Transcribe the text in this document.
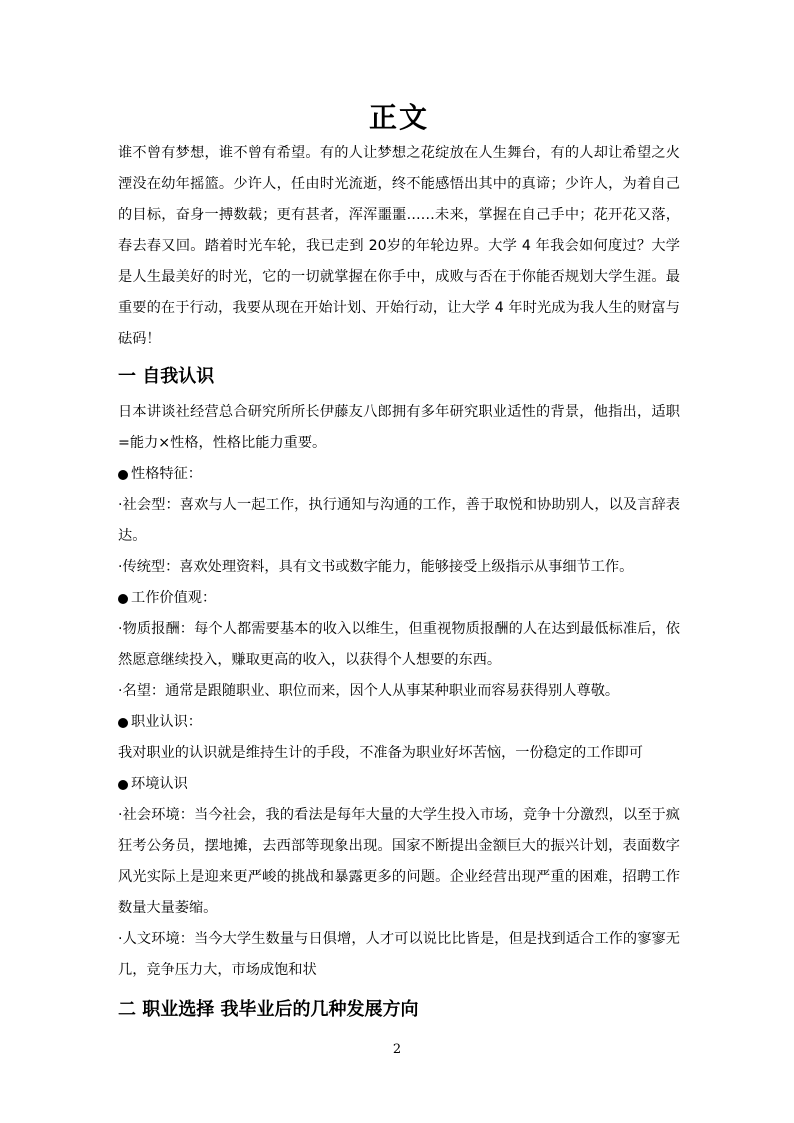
正文

谁不曾有梦想，谁不曾有希望。有的人让梦想之花绽放在人生舞台，有的人却让希望之火湮没在幼年摇篮。少许人，任由时光流逝，终不能感悟出其中的真谛；少许人，为着自己的目标，奋身一搏数载；更有甚者，浑浑噩噩……未来，掌握在自己手中；花开花又落，春去春又回。踏着时光车轮，我已走到 20岁的年轮边界。大学 4 年我会如何度过？大学是人生最美好的时光，它的一切就掌握在你手中，成败与否在于你能否规划大学生涯。最重要的在于行动，我要从现在开始计划、开始行动，让大学 4 年时光成为我人生的财富与砝码！

一 自我认识

日本讲谈社经营总合研究所所长伊藤友八郎拥有多年研究职业适性的背景，他指出，适职=能力×性格，性格比能力重要。

性格特征：

·社会型：喜欢与人一起工作，执行通知与沟通的工作，善于取悦和协助别人，以及言辞表达。

·传统型：喜欢处理资料，具有文书或数字能力，能够接受上级指示从事细节工作。

工作价值观：

·物质报酬：每个人都需要基本的收入以维生，但重视物质报酬的人在达到最低标准后，依然愿意继续投入，赚取更高的收入，以获得个人想要的东西。

·名望：通常是跟随职业、职位而来，因个人从事某种职业而容易获得别人尊敬。

职业认识：

我对职业的认识就是维持生计的手段，不准备为职业好坏苦恼，一份稳定的工作即可

环境认识

·社会环境：当今社会，我的看法是每年大量的大学生投入市场，竞争十分激烈，以至于疯狂考公务员，摆地摊，去西部等现象出现。国家不断提出金额巨大的振兴计划，表面数字风光实际上是迎来更严峻的挑战和暴露更多的问题。企业经营出现严重的困难，招聘工作数量大量萎缩。

·人文环境：当今大学生数量与日俱增，人才可以说比比皆是，但是找到适合工作的寥寥无几，竞争压力大，市场成饱和状

二 职业选择 我毕业后的几种发展方向
2
